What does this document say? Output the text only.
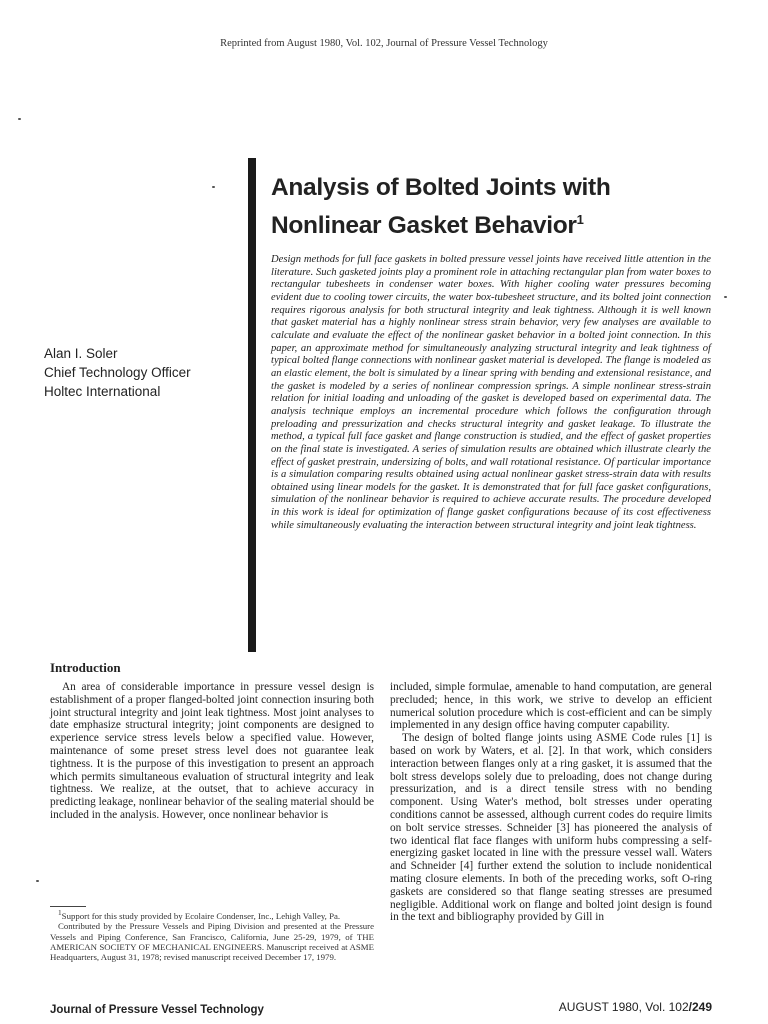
Reprinted from August 1980, Vol. 102, Journal of Pressure Vessel Technology
Analysis of Bolted Joints with
Nonlinear Gasket Behavior$^1$
Design methods for full face gaskets in bolted pressure vessel joints have received little attention in the literature. Such gasketed joints play a prominent role in attaching rectangular plan from water boxes to rectangular tubesheets in condenser water boxes. With higher cooling water pressures becoming evident due to cooling tower circuits, the water box-tubesheet structure, and its bolted joint connection requires rigorous analysis for both structural integrity and leak tightness. Although it is well known that gasket material has a highly nonlinear stress strain behavior, very few analyses are available to calculate and evaluate the effect of the nonlinear gasket behavior in a bolted joint connection. In this paper, an approximate method for simultaneously analyzing structural integrity and leak tightness of typical bolted flange connections with nonlinear gasket material is developed. The flange is modeled as an elastic element, the bolt is simulated by a linear spring with bending and extensional resistance, and the gasket is modeled by a series of nonlinear compression springs. A simple nonlinear stress-strain relation for initial loading and unloading of the gasket is developed based on experimental data. The analysis technique employs an incremental procedure which follows the configuration through preloading and pressurization and checks structural integrity and gasket leakage. To illustrate the method, a typical full face gasket and flange construction is studied, and the effect of gasket properties on the final state is investigated. A series of simulation results are obtained which illustrate clearly the effect of gasket prestrain, undersizing of bolts, and wall rotational resistance. Of particular importance is a simulation comparing results obtained using actual nonlinear gasket stress-strain data with results obtained using linear models for the gasket. It is demonstrated that for full face gasket configurations, simulation of the nonlinear behavior is required to achieve accurate results. The procedure developed in this work is ideal for optimization of flange gasket configurations because of its cost effectiveness while simultaneously evaluating the interaction between structural integrity and joint leak tightness.
Alan I. Soler
Chief Technology Officer
Holtec International
Introduction

An area of considerable importance in pressure vessel design is establishment of a proper flanged-bolted joint connection insuring both joint structural integrity and joint leak tightness. Most joint analyses to date emphasize structural integrity; joint components are designed to experience service stress levels below a specified value. However, maintenance of some preset stress level does not guarantee leak tightness. It is the purpose of this investigation to present an approach which permits simultaneous evaluation of structural integrity and leak tightness. We realize, at the outset, that to achieve accuracy in predicting leakage, nonlinear behavior of the sealing material should be included in the analysis. However, once nonlinear behavior is

included, simple formulae, amenable to hand computation, are general precluded; hence, in this work, we strive to develop an efficient numerical solution procedure which is cost-efficient and can be simply implemented in any design office having computer capability.

The design of bolted flange joints using ASME Code rules [1] is based on work by Waters, et al. [2]. In that work, which considers interaction between flanges only at a ring gasket, it is assumed that the bolt stress develops solely due to preloading, does not change during pressurization, and is a direct tensile stress with no bending component. Using Water's method, bolt stresses under operating conditions cannot be assessed, although current codes do require limits on bolt service stresses. Schneider [3] has pioneered the analysis of two identical flat face flanges with uniform hubs compressing a self-energizing gasket located in line with the pressure vessel wall. Waters and Schneider [4] further extend the solution to include nonidentical mating closure elements. In both of the preceding works, soft O-ring gaskets are considered so that flange seating stresses are presumed negligible. Additional work on flange and bolted joint design is found in the text and bibliography provided by Gill in

$^1$Support for this study provided by Ecolaire Condenser, Inc., Lehigh Valley, Pa.

Contributed by the Pressure Vessels and Piping Division and presented at the Pressure Vessels and Piping Conference, San Francisco, California, June 25-29, 1979, of THE AMERICAN SOCIETY OF MECHANICAL ENGINEERS. Manuscript received at ASME Headquarters, August 31, 1978; revised manuscript received December 17, 1979.

Journal of Pressure Vessel Technology	AUGUST 1980, Vol. 102/249
